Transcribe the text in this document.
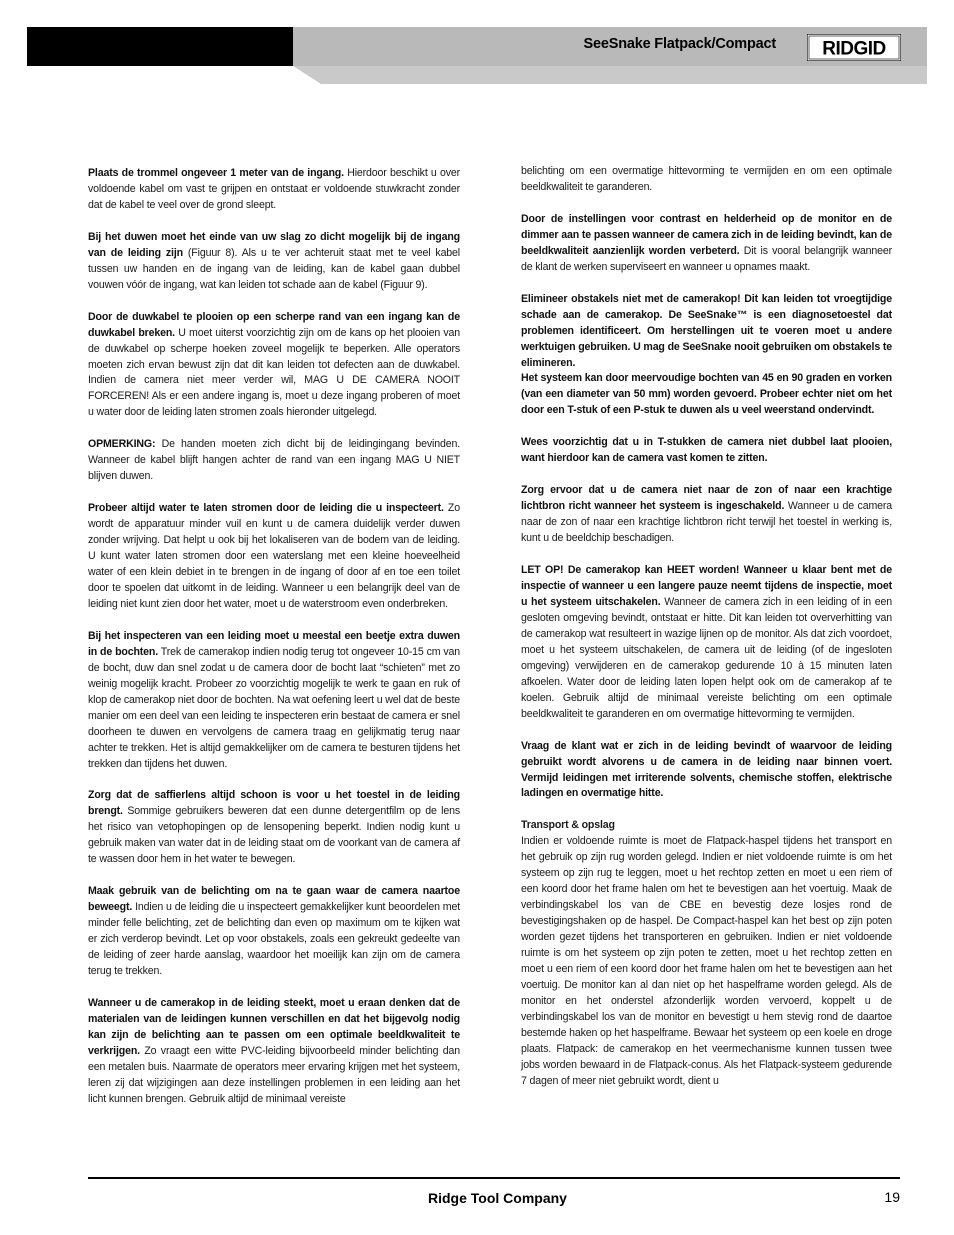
SeeSnake Flatpack/Compact RIDGID

Plaats de trommel ongeveer 1 meter van de ingang. Hierdoor beschikt u over voldoende kabel om vast te grijpen en ontstaat er voldoende stuwkracht zonder dat de kabel te veel over de grond sleept.

Bij het duwen moet het einde van uw slag zo dicht mogelijk bij de ingang van de leiding zijn (Figuur 8). Als u te ver achteruit staat met te veel kabel tussen uw handen en de ingang van de leiding, kan de kabel gaan dubbel vouwen vóór de ingang, wat kan leiden tot schade aan de kabel (Figuur 9).

Door de duwkabel te plooien op een scherpe rand van een ingang kan de duwkabel breken. U moet uiterst voorzichtig zijn om de kans op het plooien van de duwkabel op scherpe hoeken zoveel mogelijk te beperken. Alle operators moeten zich ervan bewust zijn dat dit kan leiden tot defecten aan de duwkabel. Indien de camera niet meer verder wil, MAG U DE CAMERA NOOIT FORCEREN! Als er een andere ingang is, moet u deze ingang proberen of moet u water door de leiding laten stromen zoals hieronder uitgelegd.

OPMERKING: De handen moeten zich dicht bij de leidingingang bevinden. Wanneer de kabel blijft hangen achter de rand van een ingang MAG U NIET blijven duwen.

Probeer altijd water te laten stromen door de leiding die u inspecteert. Zo wordt de apparatuur minder vuil en kunt u de camera duidelijk verder duwen zonder wrijving. Dat helpt u ook bij het lokaliseren van de bodem van de leiding. U kunt water laten stromen door een waterslang met een kleine hoeveelheid water of een klein debiet in te brengen in de ingang of door af en toe een toilet door te spoelen dat uitkomt in de leiding. Wanneer u een belangrijk deel van de leiding niet kunt zien door het water, moet u de waterstroom even onderbreken.

Bij het inspecteren van een leiding moet u meestal een beetje extra duwen in de bochten. Trek de camerakop indien nodig terug tot ongeveer 10-15 cm van de bocht, duw dan snel zodat u de camera door de bocht laat “schieten” met zo weinig mogelijk kracht. Probeer zo voorzichtig mogelijk te werk te gaan en ruk of klop de camerakop niet door de bochten. Na wat oefening leert u wel dat de beste manier om een deel van een leiding te inspecteren erin bestaat de camera er snel doorheen te duwen en vervolgens de camera traag en gelijkmatig terug naar achter te trekken. Het is altijd gemakkelijker om de camera te besturen tijdens het trekken dan tijdens het duwen.

Zorg dat de saffierlens altijd schoon is voor u het toestel in de leiding brengt. Sommige gebruikers beweren dat een dunne detergentfilm op de lens het risico van vetophopingen op de lensopening beperkt. Indien nodig kunt u gebruik maken van water dat in de leiding staat om de voorkant van de camera af te wassen door hem in het water te bewegen.

Maak gebruik van de belichting om na te gaan waar de camera naartoe beweegt. Indien u de leiding die u inspecteert gemakkelijker kunt beoordelen met minder felle belichting, zet de belichting dan even op maximum om te kijken wat er zich verderop bevindt. Let op voor obstakels, zoals een gekreukt gedeelte van de leiding of zeer harde aanslag, waardoor het moeilijk kan zijn om de camera terug te trekken.

Wanneer u de camerakop in de leiding steekt, moet u eraan denken dat de materialen van de leidingen kunnen verschillen en dat het bijgevolg nodig kan zijn de belichting aan te passen om een optimale beeldkwaliteit te verkrijgen. Zo vraagt een witte PVC-leiding bijvoorbeeld minder belichting dan een metalen buis. Naarmate de operators meer ervaring krijgen met het systeem, leren zij dat wijzigingen aan deze instellingen problemen in een leiding aan het licht kunnen brengen. Gebruik altijd de minimaal vereiste

belichting om een overmatige hittevorming te vermijden en om een optimale beeldkwaliteit te garanderen.

Door de instellingen voor contrast en helderheid op de monitor en de dimmer aan te passen wanneer de camera zich in de leiding bevindt, kan de beeldkwaliteit aanzienlijk worden verbeterd. Dit is vooral belangrijk wanneer de klant de werken superviseert en wanneer u opnames maakt.

Elimineer obstakels niet met de camerakop! Dit kan leiden tot vroegtijdige schade aan de camerakop. De SeeSnake™ is een diagnosetoestel dat problemen identificeert. Om herstellingen uit te voeren moet u andere werktuigen gebruiken. U mag de SeeSnake nooit gebruiken om obstakels te elimineren.

Het systeem kan door meervoudige bochten van 45 en 90 graden en vorken (van een diameter van 50 mm) worden gevoerd. Probeer echter niet om het door een T-stuk of een P-stuk te duwen als u veel weerstand ondervindt.

Wees voorzichtig dat u in T-stukken de camera niet dubbel laat plooien, want hierdoor kan de camera vast komen te zitten.

Zorg ervoor dat u de camera niet naar de zon of naar een krachtige lichtbron richt wanneer het systeem is ingeschakeld. Wanneer u de camera naar de zon of naar een krachtige lichtbron richt terwijl het toestel in werking is, kunt u de beeldchip beschadigen.

LET OP! De camerakop kan HEET worden! Wanneer u klaar bent met de inspectie of wanneer u een langere pauze neemt tijdens de inspectie, moet u het systeem uitschakelen. Wanneer de camera zich in een leiding of in een gesloten omgeving bevindt, ontstaat er hitte. Dit kan leiden tot oververhitting van de camerakop wat resulteert in wazige lijnen op de monitor. Als dat zich voordoet, moet u het systeem uitschakelen, de camera uit de leiding (of de ingesloten omgeving) verwijderen en de camerakop gedurende 10 à 15 minuten laten afkoelen. Water door de leiding laten lopen helpt ook om de camerakop af te koelen. Gebruik altijd de minimaal vereiste belichting om een optimale beeldkwaliteit te garanderen en om overmatige hittevorming te vermijden.

Vraag de klant wat er zich in de leiding bevindt of waarvoor de leiding gebruikt wordt alvorens u de camera in de leiding naar binnen voert. Vermijd leidingen met irriterende solvents, chemische stoffen, elektrische ladingen en overmatige hitte.

Transport & opslag
Indien er voldoende ruimte is moet de Flatpack-haspel tijdens het transport en het gebruik op zijn rug worden gelegd. Indien er niet voldoende ruimte is om het systeem op zijn rug te leggen, moet u het rechtop zetten en moet u een riem of een koord door het frame halen om het te bevestigen aan het voertuig. Maak de verbindingskabel los van de CBE en bevestig deze losjes rond de bevestigingshaken op de haspel. De Compact-haspel kan het best op zijn poten worden gezet tijdens het transporteren en gebruiken. Indien er niet voldoende ruimte is om het systeem op zijn poten te zetten, moet u het rechtop zetten en moet u een riem of een koord door het frame halen om het te bevestigen aan het voertuig. De monitor kan al dan niet op het haspelframe worden gelegd. Als de monitor en het onderstel afzonderlijk worden vervoerd, koppelt u de verbindingskabel los van de monitor en bevestigt u hem stevig rond de daartoe bestemde haken op het haspelframe. Bewaar het systeem op een koele en droge plaats. Flatpack: de camerakop en het veermechanisme kunnen tussen twee jobs worden bewaard in de Flatpack-conus. Als het Flatpack-systeem gedurende 7 dagen of meer niet gebruikt wordt, dient u

Ridge Tool Company	19
